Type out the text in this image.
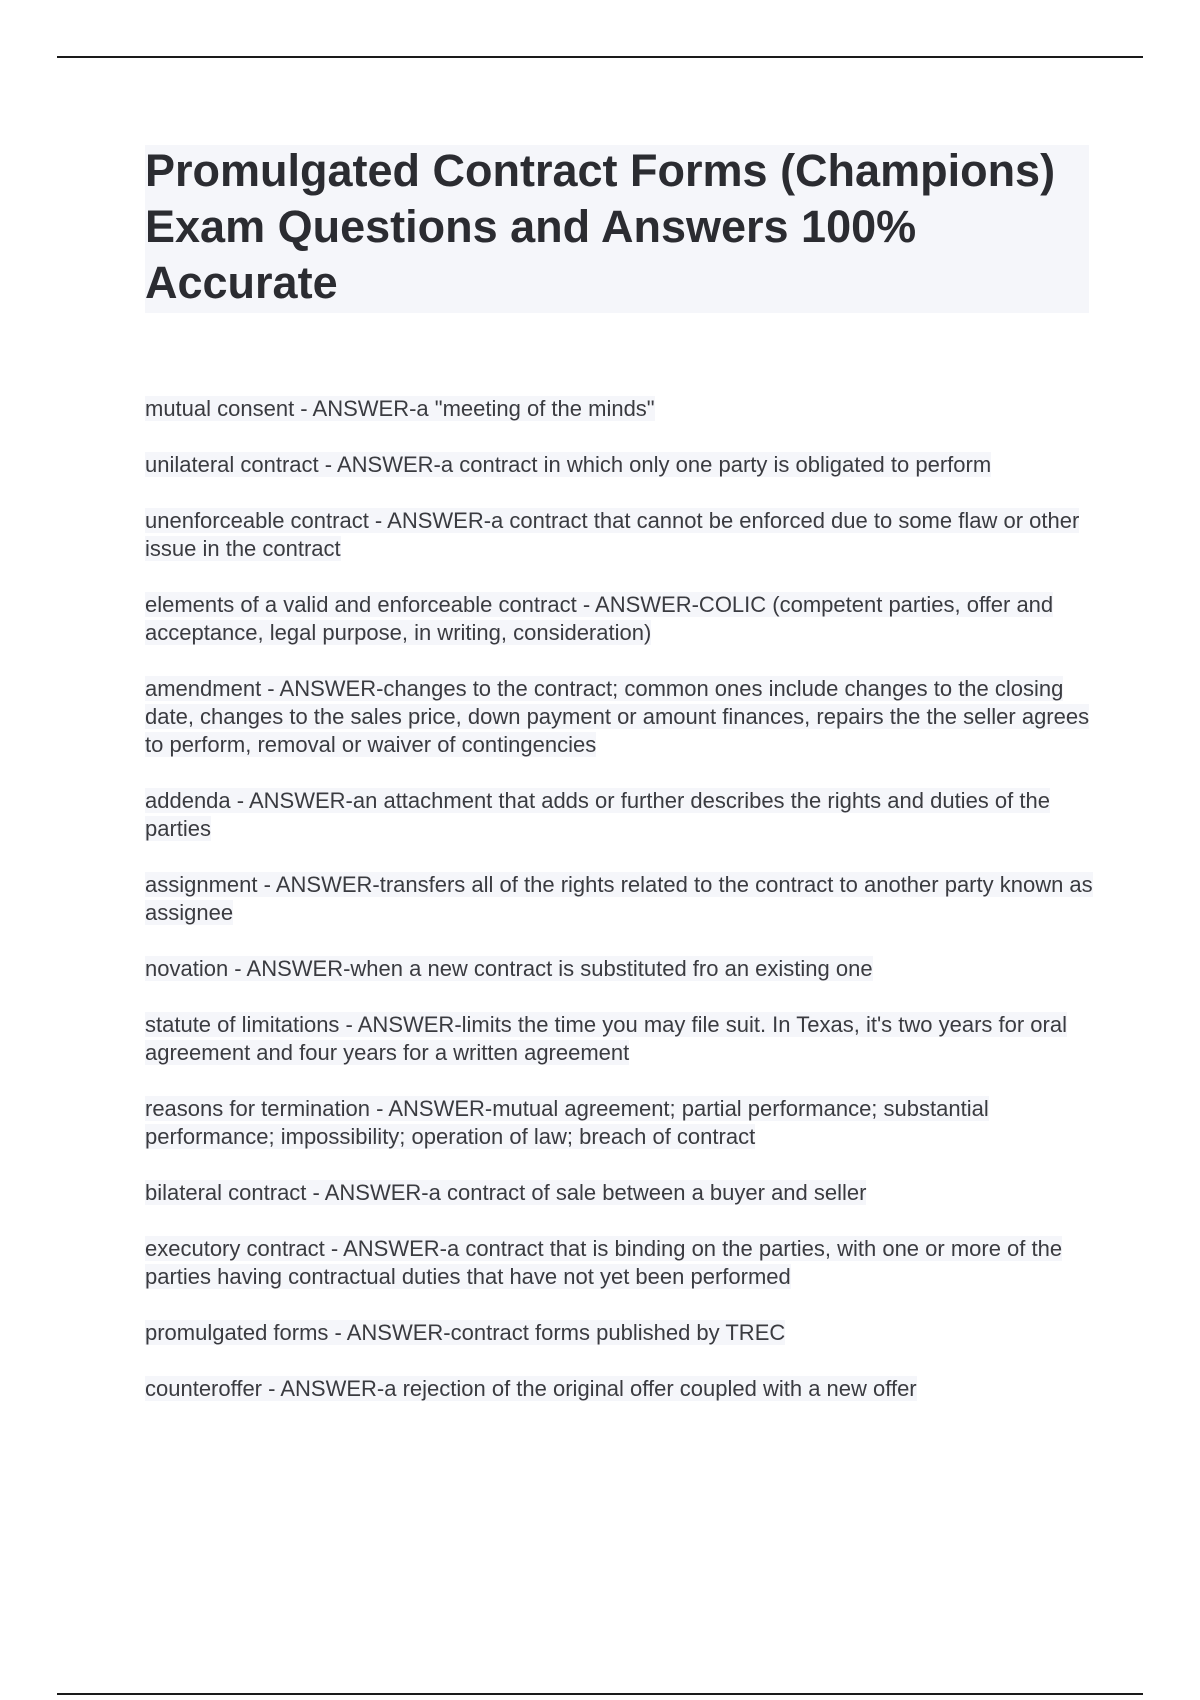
Promulgated Contract Forms (Champions) Exam Questions and Answers 100% Accurate
mutual consent - ANSWER-a "meeting of the minds"
unilateral contract - ANSWER-a contract in which only one party is obligated to perform
unenforceable contract - ANSWER-a contract that cannot be enforced due to some flaw or other issue in the contract
elements of a valid and enforceable contract - ANSWER-COLIC (competent parties, offer and acceptance, legal purpose, in writing, consideration)
amendment - ANSWER-changes to the contract; common ones include changes to the closing date, changes to the sales price, down payment or amount finances, repairs the the seller agrees to perform, removal or waiver of contingencies
addenda - ANSWER-an attachment that adds or further describes the rights and duties of the parties
assignment - ANSWER-transfers all of the rights related to the contract to another party known as assignee
novation - ANSWER-when a new contract is substituted fro an existing one
statute of limitations - ANSWER-limits the time you may file suit. In Texas, it's two years for oral agreement and four years for a written agreement
reasons for termination - ANSWER-mutual agreement; partial performance; substantial performance; impossibility; operation of law; breach of contract
bilateral contract - ANSWER-a contract of sale between a buyer and seller
executory contract - ANSWER-a contract that is binding on the parties, with one or more of the parties having contractual duties that have not yet been performed
promulgated forms - ANSWER-contract forms published by TREC
counteroffer - ANSWER-a rejection of the original offer coupled with a new offer
